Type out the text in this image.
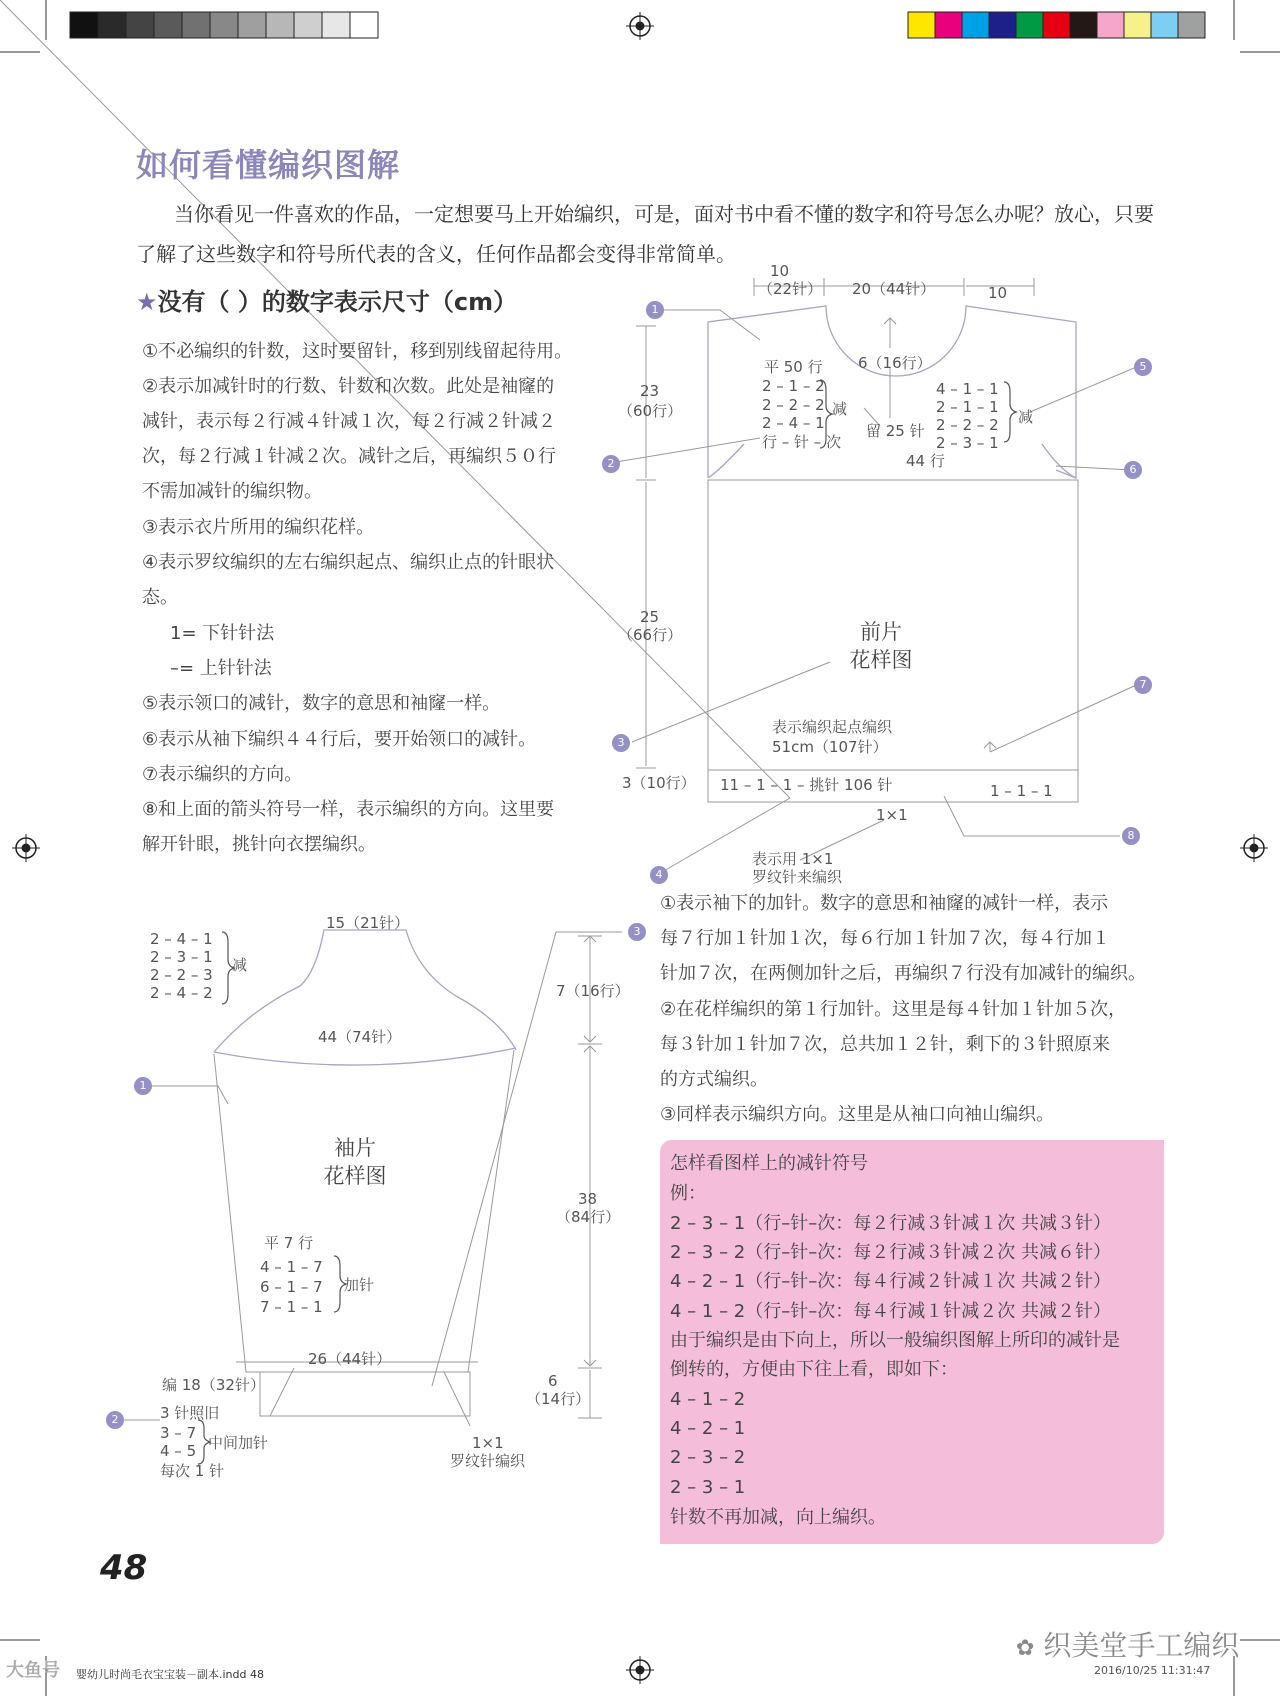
如何看懂编织图解
当你看见一件喜欢的作品，一定想要马上开始编织，可是，面对书中看不懂的数字和符号怎么办呢？放心，只要了解了这些数字和符号所代表的含义，任何作品都会变得非常简单。
★没有（ ）的数字表示尺寸（cm）
①不必编织的针数，这时要留针，移到别线留起待用。
②表示加减针时的行数、针数和次数。此处是袖窿的
减针，表示每２行减４针减１次，每２行减２针减２
次，每２行减１针减２次。减针之后，再编织５０行
不需加减针的编织物。
③表示衣片所用的编织花样。
④表示罗纹编织的左右编织起点、编织止点的针眼状
态。
1= 下针针法
–= 上针针法
⑤表示领口的减针，数字的意思和袖窿一样。
⑥表示从袖下编织４４行后，要开始领口的减针。
⑦表示编织的方向。
⑧和上面的箭头符号一样，表示编织的方向。这里要
解开针眼，挑针向衣摆编织。
10
（22针） 20（44针）	10
6（16行）
23
（60行）
25
（66行）
3（10行）
平 50 行
2 – 1 – 2
2 – 2 – 2
2 – 4 – 1
行 – 针 – 次
减
留 25 针
4 – 1 – 1
2 – 1 – 1
2 – 2 – 2
2 – 3 – 1
减
44 行
前片
花样图
表示编织起点编织
51cm（107针）
11 – 1 – 1 – 挑针 106 针	1 – 1 – 1
1×1
表示用 1×1
罗纹针来编织
1
2
3
4
5
6
7
8
1
2
3
15（21针）
2 – 4 – 1
2 – 3 – 1
2 – 2 – 3
2 – 4 – 2
减
44（74针）
袖片
花样图
平 7 行
4 – 1 – 7
6 – 1 – 7
7 – 1 – 1
加针
26（44针）
编 18（32针）
3 针照旧
3 – 7
4 – 5
每次 1 针
中间加针	1×1
罗纹针编织
7（16行）
38
（84行）
6
（14行）
①表示袖下的加针。数字的意思和袖窿的减针一样，表示
每７行加１针加１次，每６行加１针加７次，每４行加１
针加７次，在两侧加针之后，再编织７行没有加减针的编织。
②在花样编织的第１行加针。这里是每４针加１针加５次，
每３针加１针加７次，总共加１２针，剩下的３针照原来
的方式编织。
③同样表示编织方向。这里是从袖口向袖山编织。
怎样看图样上的减针符号
例：
2 – 3 – 1（行–针–次：每２行减３针减１次 共减３针）
2 – 3 – 2（行–针–次：每２行减３针减２次 共减６针）
4 – 2 – 1（行–针–次：每４行减２针减１次 共减２针）
4 – 1 – 2（行–针–次：每４行减１针减２次 共减２针）
由于编织是由下向上，所以一般编织图解上所印的减针是
倒转的，方便由下往上看，即如下：
4 – 1 – 2
4 – 2 – 1
2 – 3 – 2
2 – 3 – 1
针数不再加减，向上编织。
48
婴幼儿时尚毛衣宝宝装－副本.indd 48	2016/10/25 11:31:47
✿ 织美堂手工编织
大鱼号
